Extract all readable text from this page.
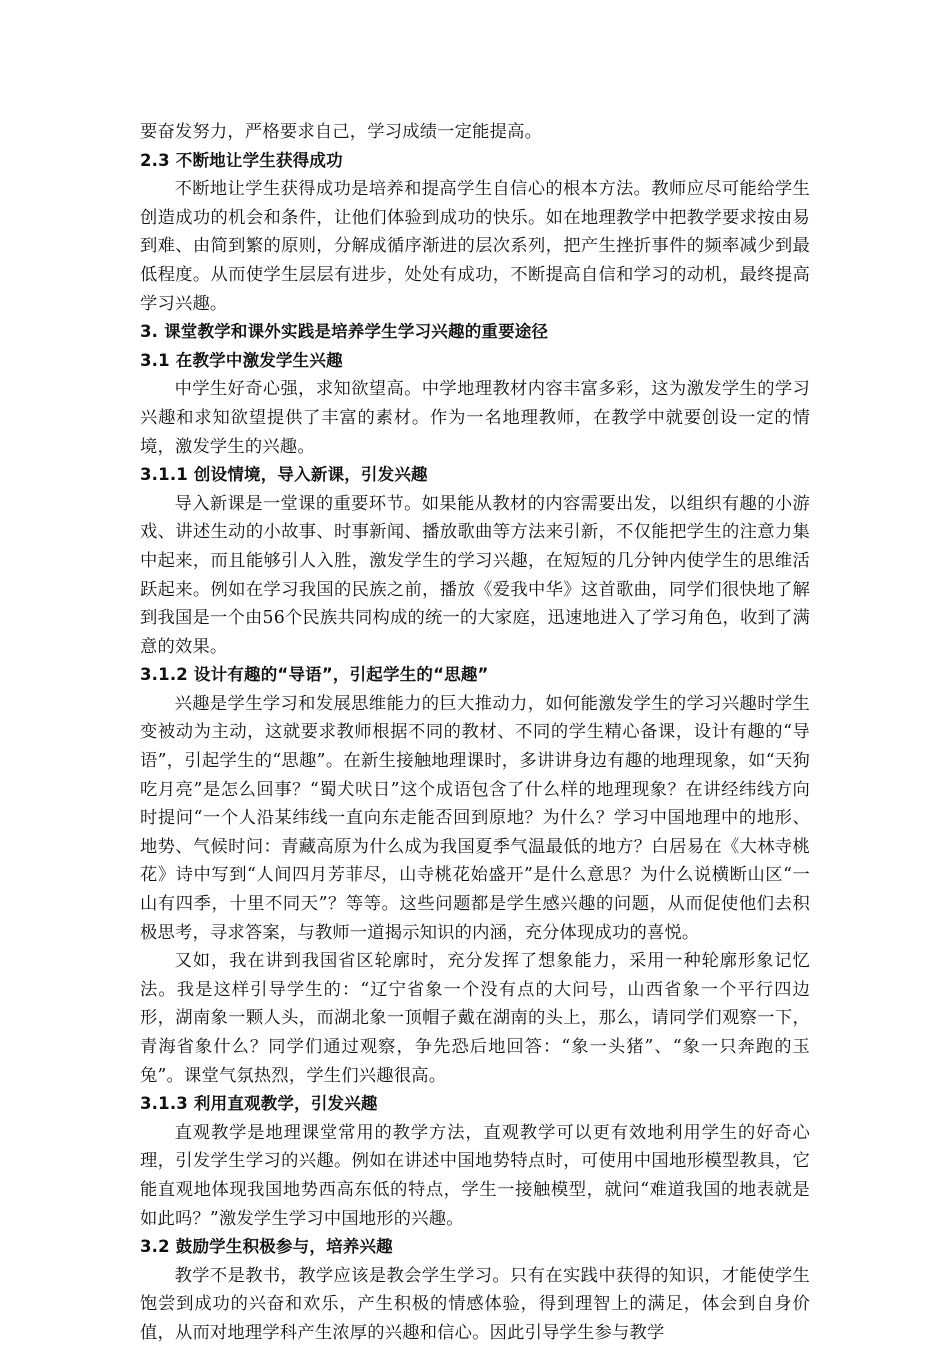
要奋发努力，严格要求自己，学习成绩一定能提高。

2.3 不断地让学生获得成功

不断地让学生获得成功是培养和提高学生自信心的根本方法。教师应尽可能给学生创造成功的机会和条件，让他们体验到成功的快乐。如在地理教学中把教学要求按由易到难、由简到繁的原则，分解成循序渐进的层次系列，把产生挫折事件的频率减少到最低程度。从而使学生层层有进步，处处有成功，不断提高自信和学习的动机，最终提高学习兴趣。

3. 课堂教学和课外实践是培养学生学习兴趣的重要途径
3.1 在教学中激发学生兴趣

中学生好奇心强，求知欲望高。中学地理教材内容丰富多彩，这为激发学生的学习兴趣和求知欲望提供了丰富的素材。作为一名地理教师，在教学中就要创设一定的情境，激发学生的兴趣。

3.1.1 创设情境，导入新课，引发兴趣

导入新课是一堂课的重要环节。如果能从教材的内容需要出发，以组织有趣的小游戏、讲述生动的小故事、时事新闻、播放歌曲等方法来引新，不仅能把学生的注意力集中起来，而且能够引人入胜，激发学生的学习兴趣，在短短的几分钟内使学生的思维活跃起来。例如在学习我国的民族之前，播放《爱我中华》这首歌曲，同学们很快地了解到我国是一个由56个民族共同构成的统一的大家庭，迅速地进入了学习角色，收到了满意的效果。

3.1.2 设计有趣的“导语”，引起学生的“思趣”

兴趣是学生学习和发展思维能力的巨大推动力，如何能激发学生的学习兴趣时学生变被动为主动，这就要求教师根据不同的教材、不同的学生精心备课，设计有趣的“导语”，引起学生的“思趣”。在新生接触地理课时，多讲讲身边有趣的地理现象，如“天狗吃月亮”是怎么回事？“蜀犬吠日”这个成语包含了什么样的地理现象？在讲经纬线方向时提问“一个人沿某纬线一直向东走能否回到原地？为什么？学习中国地理中的地形、地势、气候时问：青藏高原为什么成为我国夏季气温最低的地方？白居易在《大林寺桃花》诗中写到“人间四月芳菲尽，山寺桃花始盛开”是什么意思？为什么说横断山区“一山有四季，十里不同天”？等等。这些问题都是学生感兴趣的问题，从而促使他们去积极思考，寻求答案，与教师一道揭示知识的内涵，充分体现成功的喜悦。

又如，我在讲到我国省区轮廓时，充分发挥了想象能力，采用一种轮廓形象记忆法。我是这样引导学生的：“辽宁省象一个没有点的大问号，山西省象一个平行四边形，湖南象一颗人头，而湖北象一顶帽子戴在湖南的头上，那么，请同学们观察一下，青海省象什么？同学们通过观察，争先恐后地回答：“象一头猪”、“象一只奔跑的玉兔”。课堂气氛热烈，学生们兴趣很高。

3.1.3 利用直观教学，引发兴趣

直观教学是地理课堂常用的教学方法，直观教学可以更有效地利用学生的好奇心理，引发学生学习的兴趣。例如在讲述中国地势特点时，可使用中国地形模型教具，它能直观地体现我国地势西高东低的特点，学生一接触模型，就问“难道我国的地表就是如此吗？”激发学生学习中国地形的兴趣。

3.2 鼓励学生积极参与，培养兴趣

教学不是教书，教学应该是教会学生学习。只有在实践中获得的知识，才能使学生饱尝到成功的兴奋和欢乐，产生积极的情感体验，得到理智上的满足，体会到自身价值，从而对地理学科产生浓厚的兴趣和信心。因此引导学生参与教学
